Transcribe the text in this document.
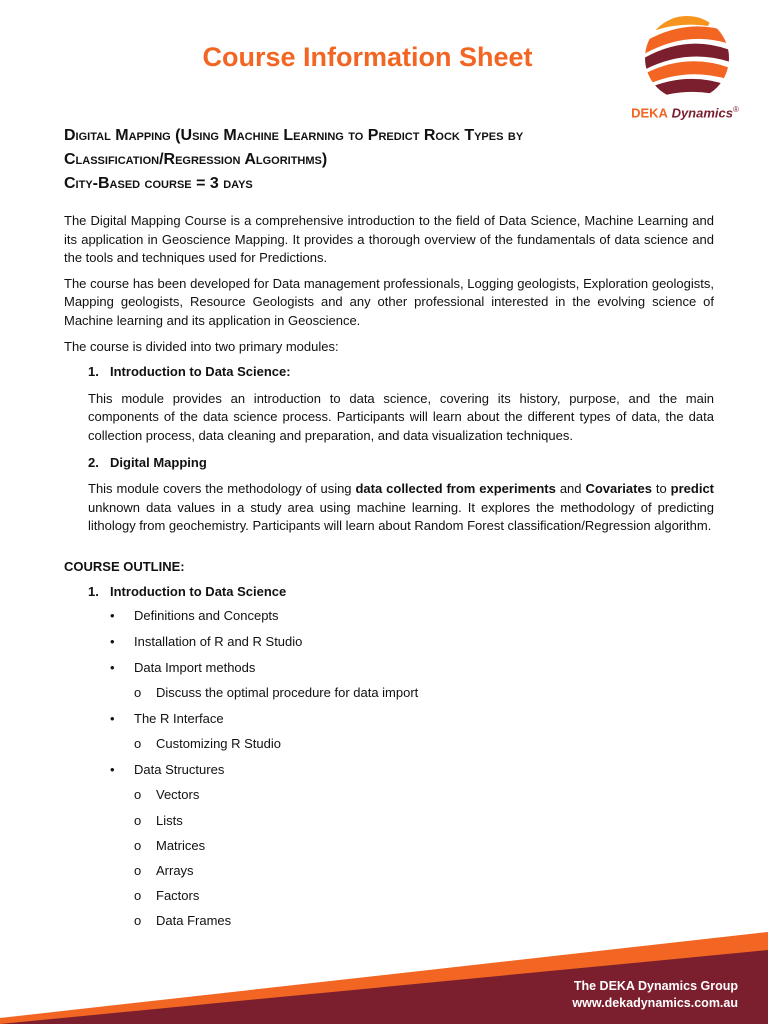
Course Information Sheet
DEKA Dynamics®
Digital Mapping (Using Machine Learning to Predict Rock Types by
Classification/Regression Algorithms)
City-Based course = 3 days

The Digital Mapping Course is a comprehensive introduction to the field of Data Science, Machine Learning and its application in Geoscience Mapping. It provides a thorough overview of the fundamentals of data science and the tools and techniques used for Predictions.

The course has been developed for Data management professionals, Logging geologists, Exploration geologists, Mapping geologists, Resource Geologists and any other professional interested in the evolving science of Machine learning and its application in Geoscience.

The course is divided into two primary modules:

1. Introduction to Data Science:
This module provides an introduction to data science, covering its history, purpose, and the main components of the data science process. Participants will learn about the different types of data, the data collection process, data cleaning and preparation, and data visualization techniques.
2. Digital Mapping
This module covers the methodology of using data collected from experiments and Covariates to predict unknown data values in a study area using machine learning. It explores the methodology of predicting lithology from geochemistry. Participants will learn about Random Forest classification/Regression algorithm.
COURSE OUTLINE:
1. Introduction to Data Science
• Definitions and Concepts
• Installation of R and R Studio
• Data Import methods
o Discuss the optimal procedure for data import
• The R Interface
o Customizing R Studio
• Data Structures
o Vectors
o Lists
o Matrices
o Arrays
o Factors
o Data Frames
The DEKA Dynamics Group
www.dekadynamics.com.au
